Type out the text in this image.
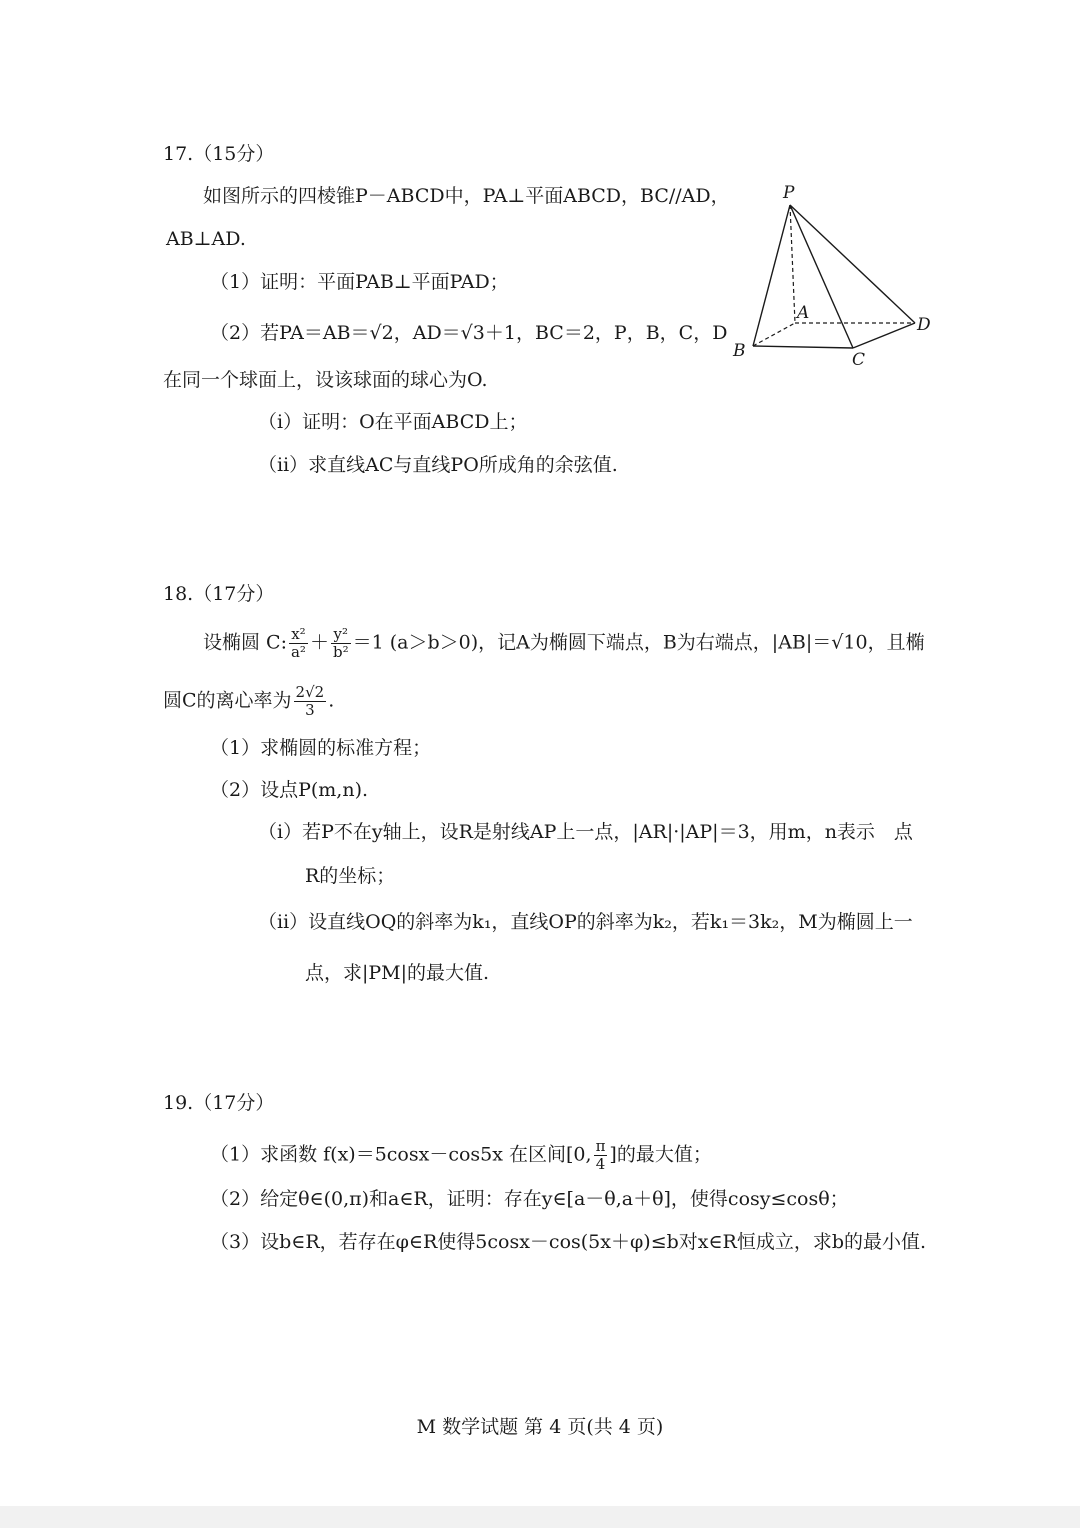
17.（15分）
如图所示的四棱锥P－ABCD中，PA⊥平面ABCD，BC//AD，
AB⊥AD.
（1）证明：平面PAB⊥平面PAD；
（2）若PA＝AB＝√2，AD＝√3＋1，BC＝2，P，B，C，D
在同一个球面上，设该球面的球心为O.
（ⅰ）证明：O在平面ABCD上；
（ⅱ）求直线AC与直线PO所成角的余弦值.
P
A
B	C
D
18.（17分）
设椭圆 C: $\frac{\text{x²}}{\text{a²}} + \frac{\text{y²}}{\text{b²}} =1$ (a＞b＞0)，记A为椭圆下端点，B为右端点，|AB|＝√10，且椭
圆C的离心率为 $\frac{2√2}{3}$ .
（1）求椭圆的标准方程；
（2）设点P(m,n).
（ⅰ）若P不在y轴上，设R是射线AP上一点，|AR|·|AP|＝3，用m，n表示　点
R的坐标；
（ⅱ）设直线OQ的斜率为k₁，直线OP的斜率为k₂，若k₁＝3k₂，M为椭圆上一
点，求|PM|的最大值.
19.（17分）
（1）求函数 f(x)＝5cosx－cos5x 在区间[0, $\frac{\pi}{4}$ ]的最大值；
（2）给定θ∈(0,π)和a∈R，证明：存在y∈[a－θ,a＋θ]，使得cosy≤cosθ；
（3）设b∈R，若存在φ∈R使得5cosx－cos(5x＋φ)≤b对x∈R恒成立，求b的最小值.
M 数学试题 第 4 页(共 4 页)
